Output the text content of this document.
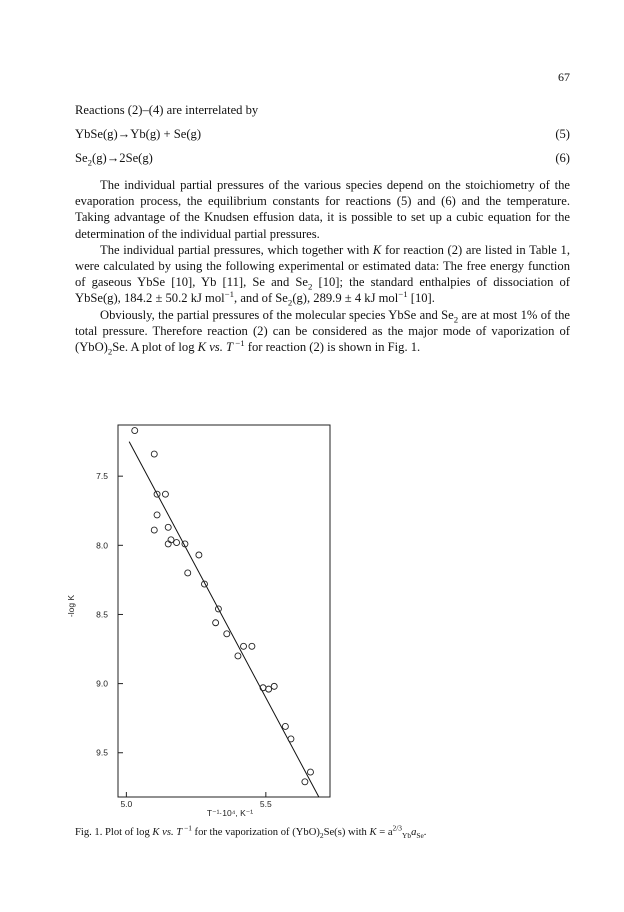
67
Reactions (2)–(4) are interrelated by
YbSe(g)→Yb(g) + Se(g)	(5)
$Se_2(g)\to 2Se(g)$	(6)

The individual partial pressures of the various species depend on the stoichiometry of the evaporation process, the equilibrium constants for reactions (5) and (6) and the temperature. Taking advantage of the Knudsen effusion data, it is possible to set up a cubic equation for the determination of the individual partial pressures.

The individual partial pressures, which together with K for reaction (2) are listed in Table 1, were calculated by using the following experimental or estimated data: The free energy function of gaseous YbSe [10], Yb [11], Se and $Se_2$ [10]; the standard enthalpies of dissociation of YbSe(g), 184.2 ± 50.2 kJ mol$^{-1}$, and of $Se_2(g)$, 289.9 ± 4 kJ mol$^{-1}$ [10].

Obviously, the partial pressures of the molecular species YbSe and $Se_2$ are at most 1% of the total pressure. Therefore reaction (2) can be considered as the major mode of vaporization of $(YbO)_2Se$. A plot of log K vs. T $^{-1}$ for reaction (2) is shown in Fig. 1.

7.5
8.0
8.5
9.0
9.5
5.0	5.5
-log K
T⁻¹·10⁴, K⁻¹
Fig. 1. Plot of log K vs. T $^{-1}$ for the vaporization of $(YbO)_2Se(s)$ with $K = a^{2/3}_{Yb}a_{Se}$.
